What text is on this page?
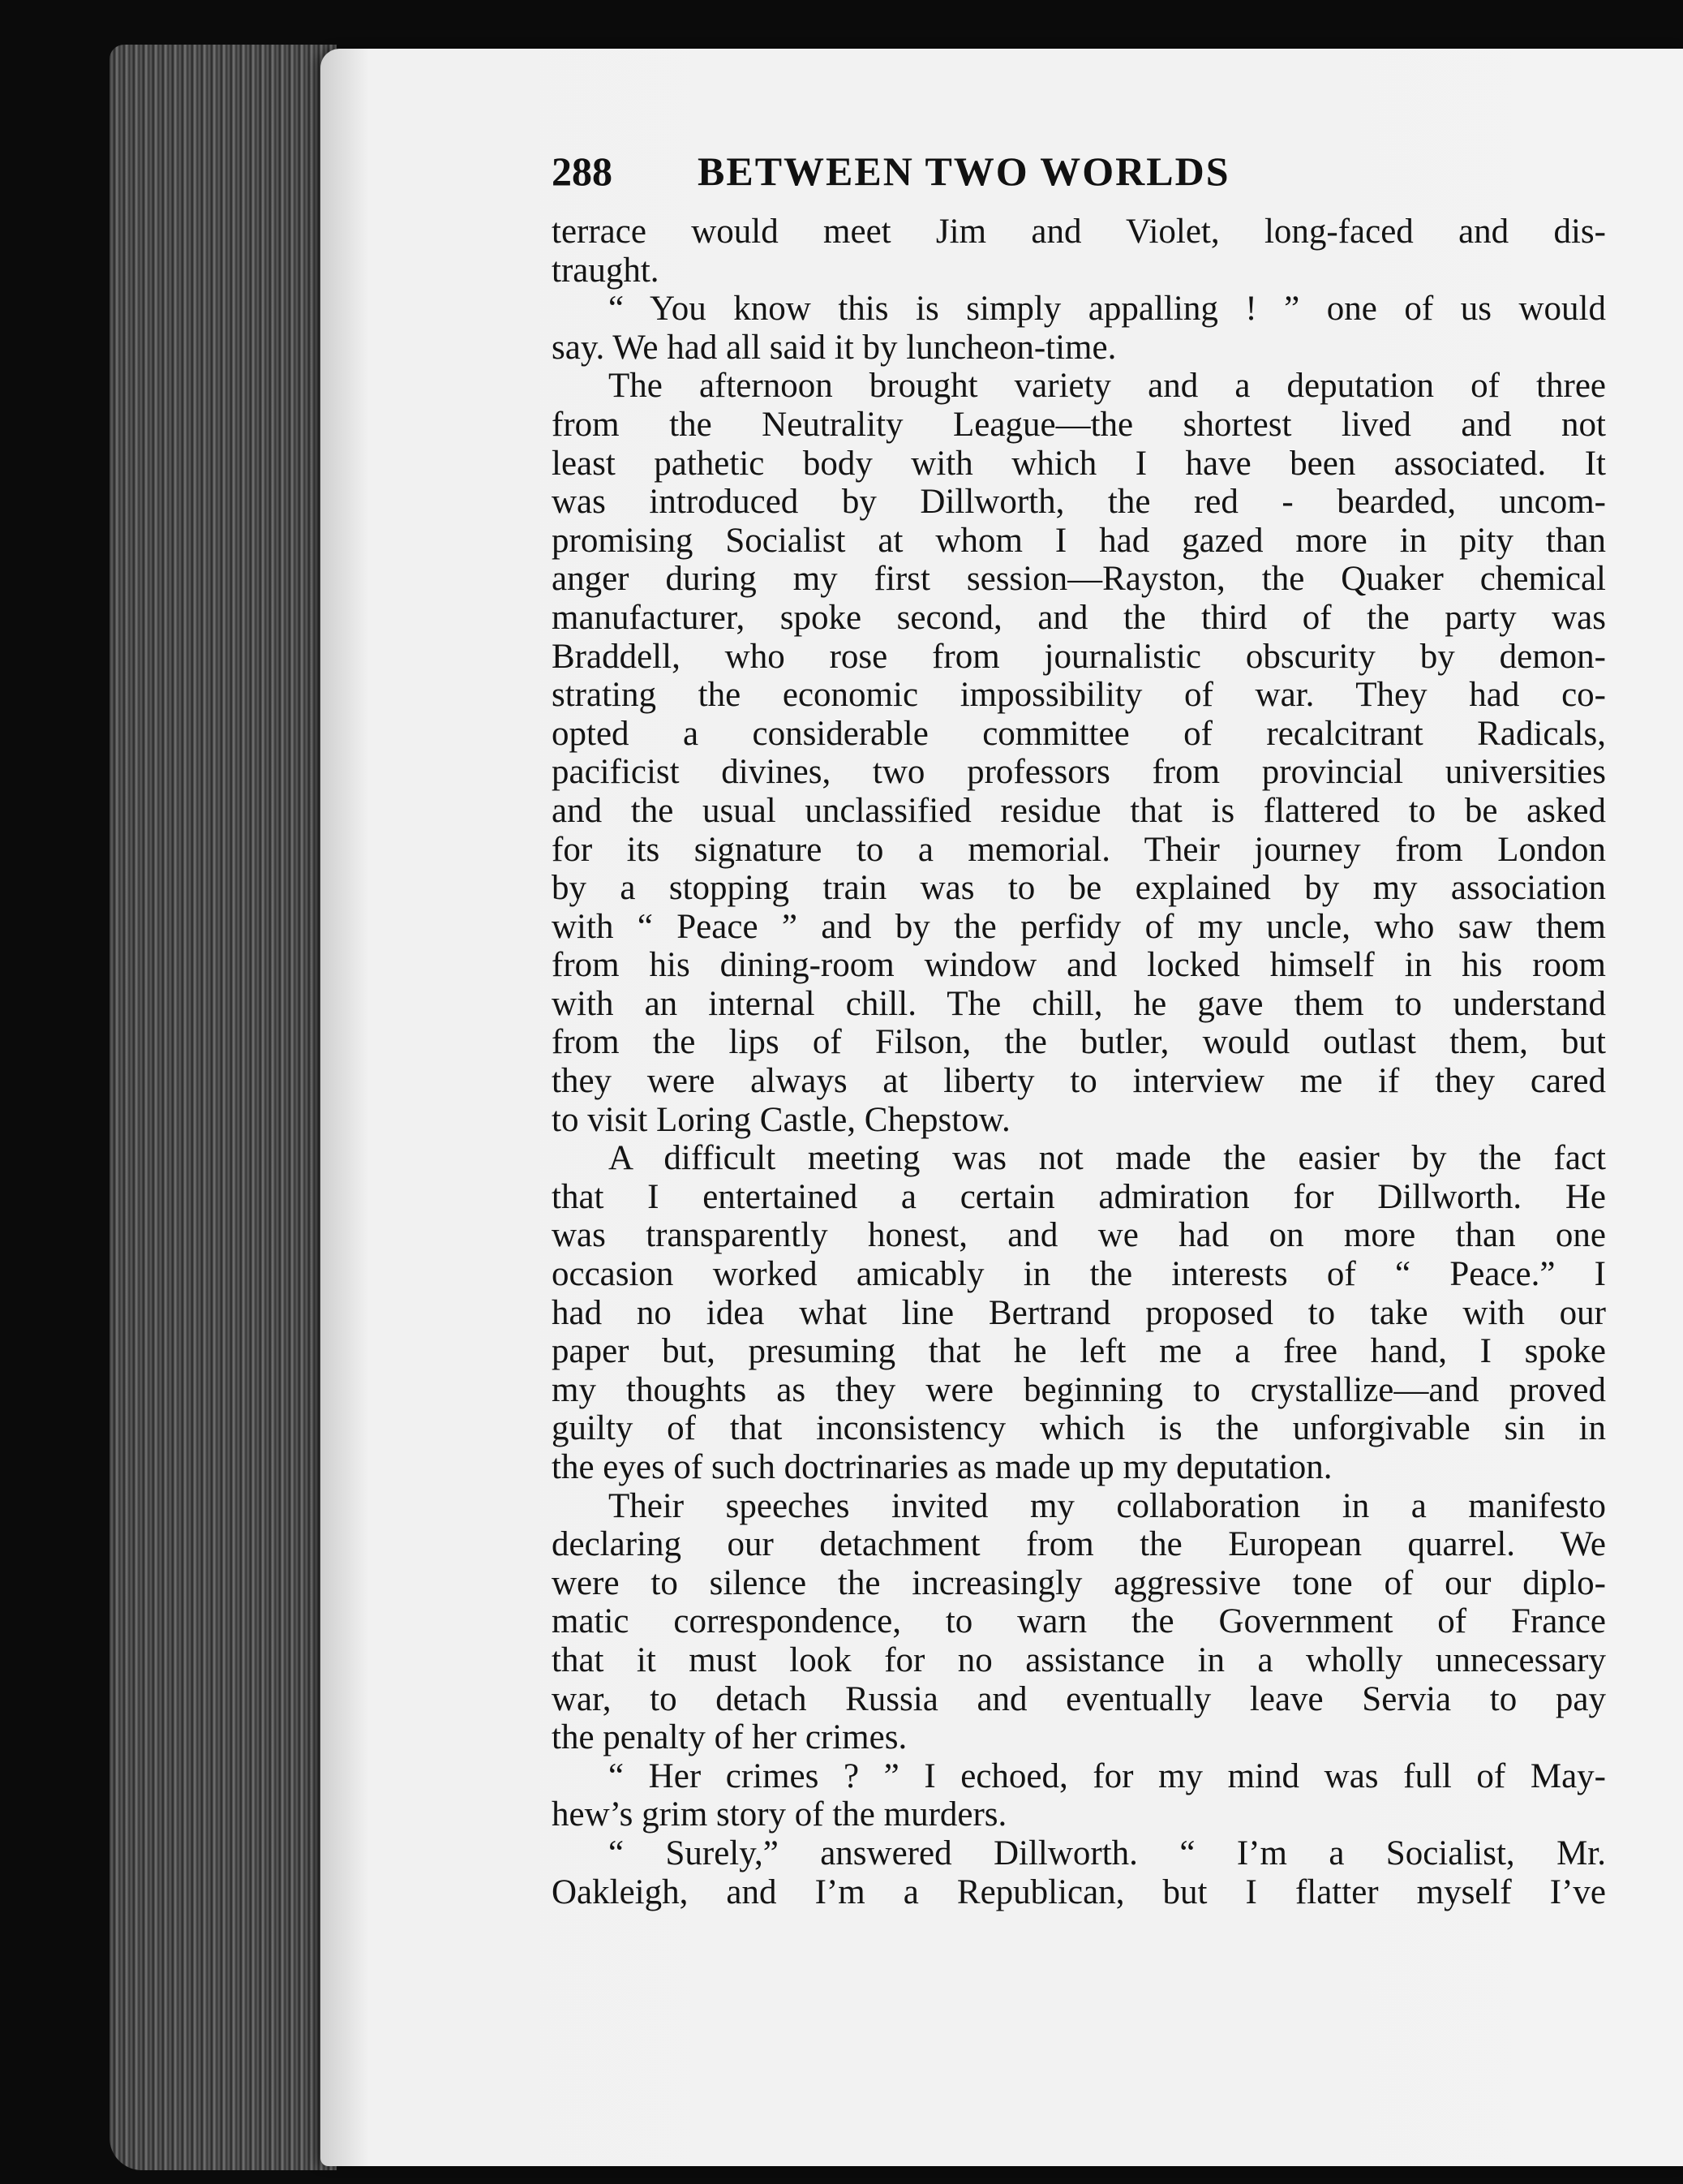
288 BETWEEN TWO WORLDS
terrace would meet Jim and Violet, long-faced and dis-
traught.
“ You know this is simply appalling ! ” one of us would
say. We had all said it by luncheon-time.
The afternoon brought variety and a deputation of three
from the Neutrality League—the shortest lived and not
least pathetic body with which I have been associated. It
was introduced by Dillworth, the red - bearded, uncom-
promising Socialist at whom I had gazed more in pity than
anger during my first session—Rayston, the Quaker chemical
manufacturer, spoke second, and the third of the party was
Braddell, who rose from journalistic obscurity by demon-
strating the economic impossibility of war. They had co-
opted a considerable committee of recalcitrant Radicals,
pacificist divines, two professors from provincial universities
and the usual unclassified residue that is flattered to be asked
for its signature to a memorial. Their journey from London
by a stopping train was to be explained by my association
with “ Peace ” and by the perfidy of my uncle, who saw them
from his dining-room window and locked himself in his room
with an internal chill. The chill, he gave them to understand
from the lips of Filson, the butler, would outlast them, but
they were always at liberty to interview me if they cared
to visit Loring Castle, Chepstow.
A difficult meeting was not made the easier by the fact
that I entertained a certain admiration for Dillworth. He
was transparently honest, and we had on more than one
occasion worked amicably in the interests of “ Peace.” I
had no idea what line Bertrand proposed to take with our
paper but, presuming that he left me a free hand, I spoke
my thoughts as they were beginning to crystallize—and proved
guilty of that inconsistency which is the unforgivable sin in
the eyes of such doctrinaries as made up my deputation.
Their speeches invited my collaboration in a manifesto
declaring our detachment from the European quarrel. We
were to silence the increasingly aggressive tone of our diplo-
matic correspondence, to warn the Government of France
that it must look for no assistance in a wholly unnecessary
war, to detach Russia and eventually leave Servia to pay
the penalty of her crimes.
“ Her crimes ? ” I echoed, for my mind was full of May-
hew’s grim story of the murders.
“ Surely,” answered Dillworth. “ I’m a Socialist, Mr.
Oakleigh, and I’m a Republican, but I flatter myself I’ve
